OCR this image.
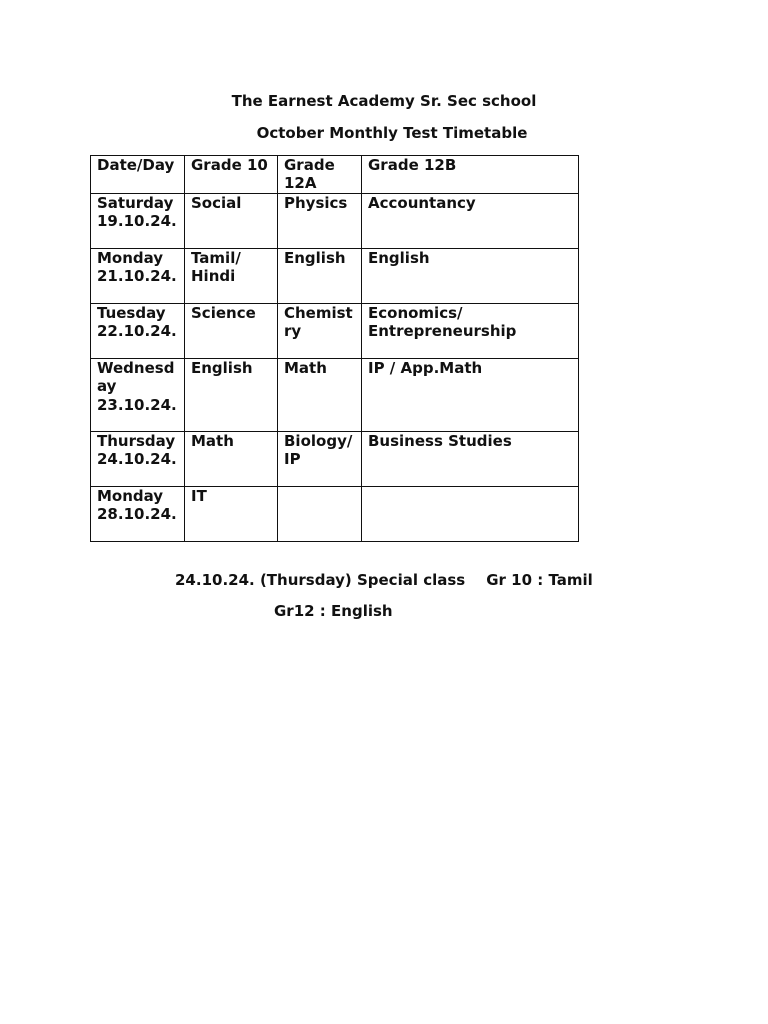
The Earnest Academy Sr. Sec school

October Monthly Test Timetable

Date/Day	Grade 10	Grade 12A	Grade 12B

Saturday
19.10.24.	Social	Physics	Accountancy

Monday
21.10.24.	Tamil/ Hindi	English	English

Tuesday
22.10.24.	Science	Chemistry	Economics/ Entrepreneurship

Wednesday
23.10.24.	English	Math	IP / App.Math

Thursday
24.10.24.	Math	Biology/ IP	Business Studies

Monday
28.10.24.	IT		
24.10.24. (Thursday) Special class Gr 10 : Tamil
Gr12 : English
